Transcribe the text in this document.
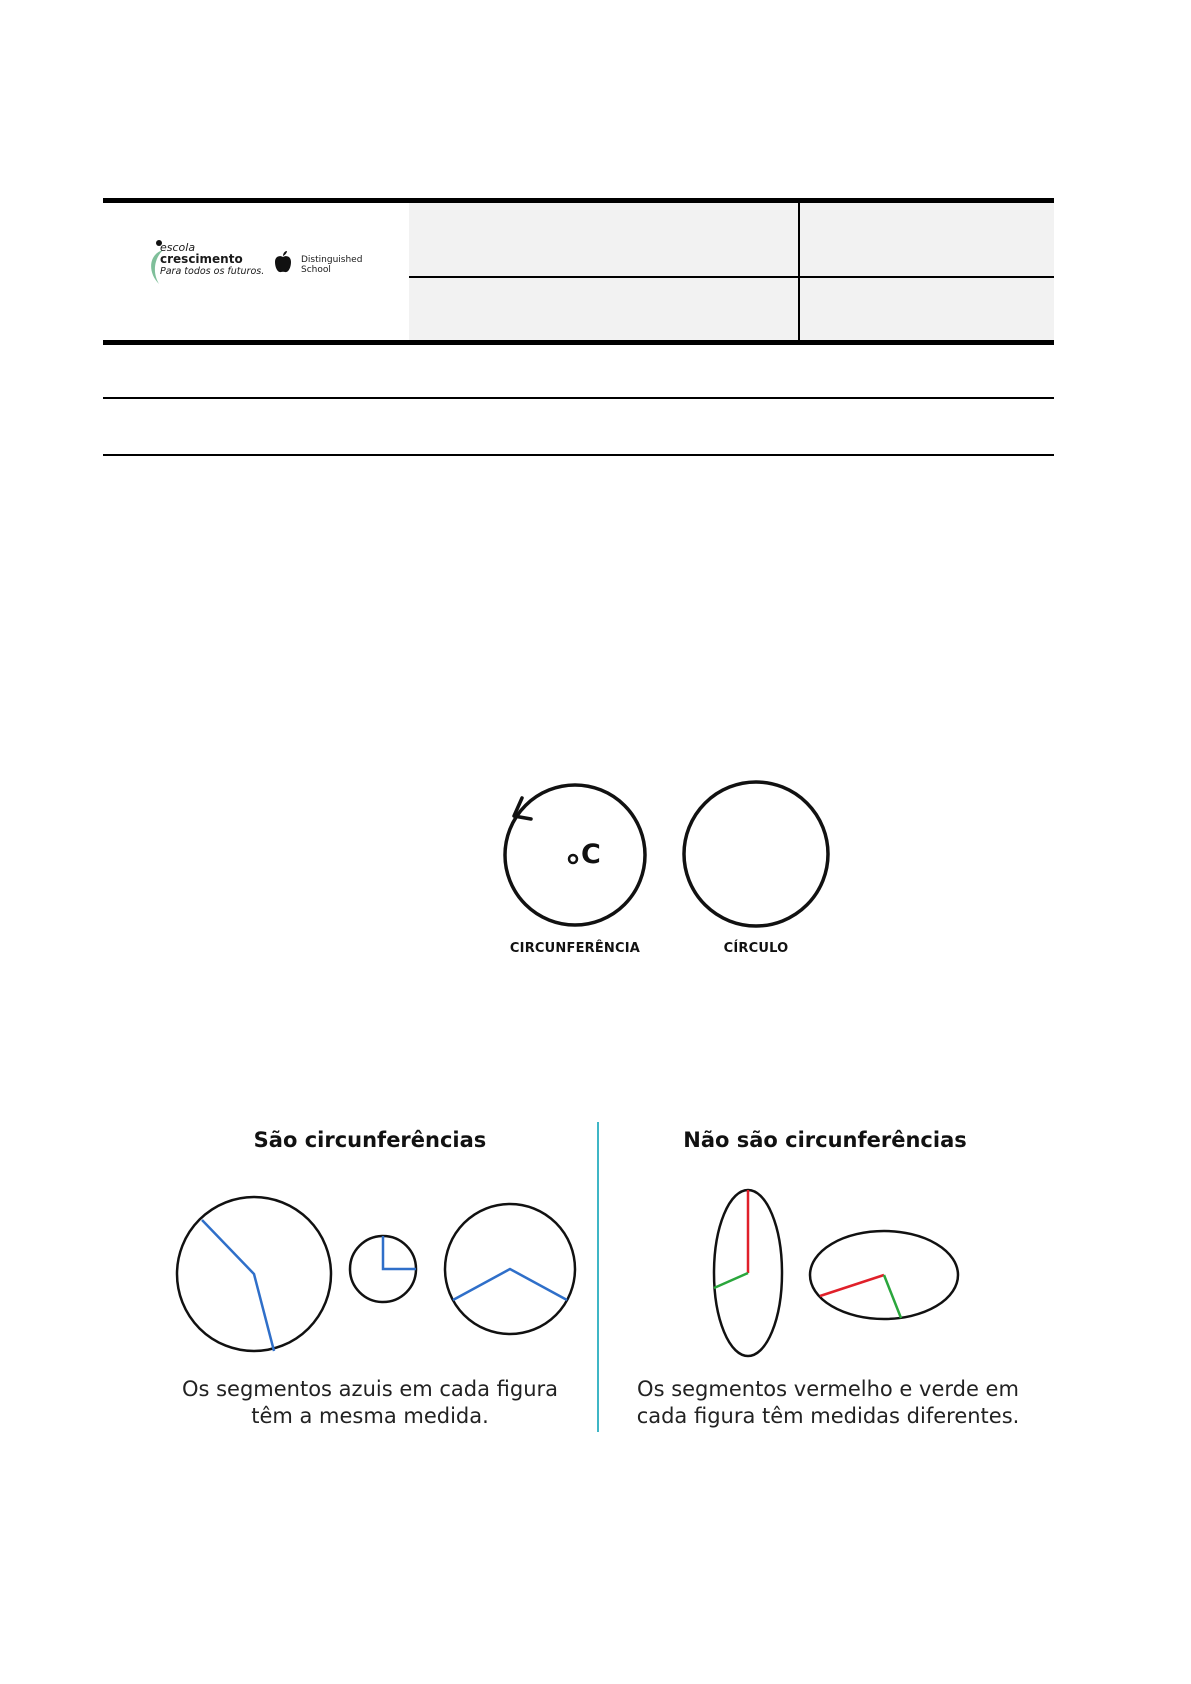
escola
crescimento
Para todos os futuros.
Distinguished
School
C
CIRCUNFERÊNCIA	CÍRCULO
São circunferências	Não são circunferências
Os segmentos azuis em cada figura
têm a mesma medida.
Os segmentos vermelho e verde em
cada figura têm medidas diferentes.
